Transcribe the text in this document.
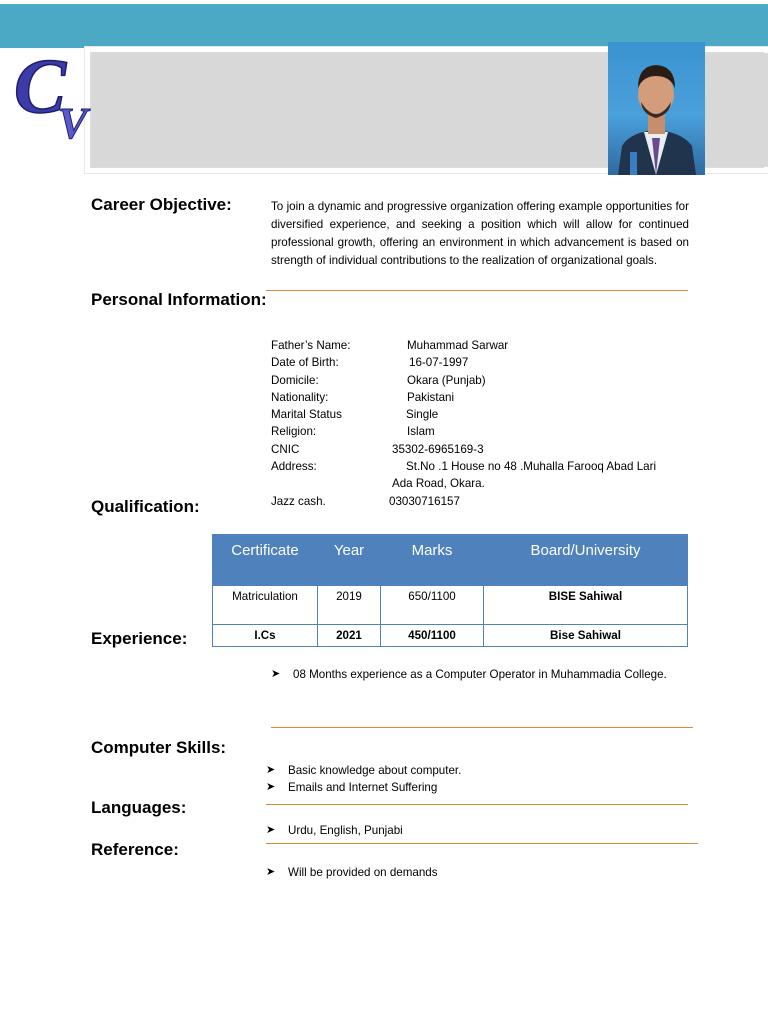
C
V
Career Objective:	To join a dynamic and progressive organization offering example opportunities for diversified experience, and seeking a position which will allow for continued professional growth, offering an environment in which advancement is based on strength of individual contributions to the realization of organizational goals.
Personal Information:
Father’s Name:	Muhammad Sarwar
Date of Birth:	16-07-1997
Domicile:	Okara (Punjab)
Nationality:	Pakistani
Marital Status	Single
Religion:	Islam
CNIC	35302-6965169-3
Address:	St.No .1 House no 48 .Muhalla Farooq Abad Lari
Ada Road, Okara.
Jazz cash.	03030716157
Qualification:
Certificate	Year	Marks	Board/University
Matriculation	2019	650/1100	BISE Sahiwal
I.Cs	2021	450/1100	Bise Sahiwal
Experience:
➤ 08 Months experience as a Computer Operator in Muhammadia College.
Computer Skills:
➤ Basic knowledge about computer.
➤ Emails and Internet Suffering
Languages:
➤ Urdu, English, Punjabi
Reference:
➤ Will be provided on demands
